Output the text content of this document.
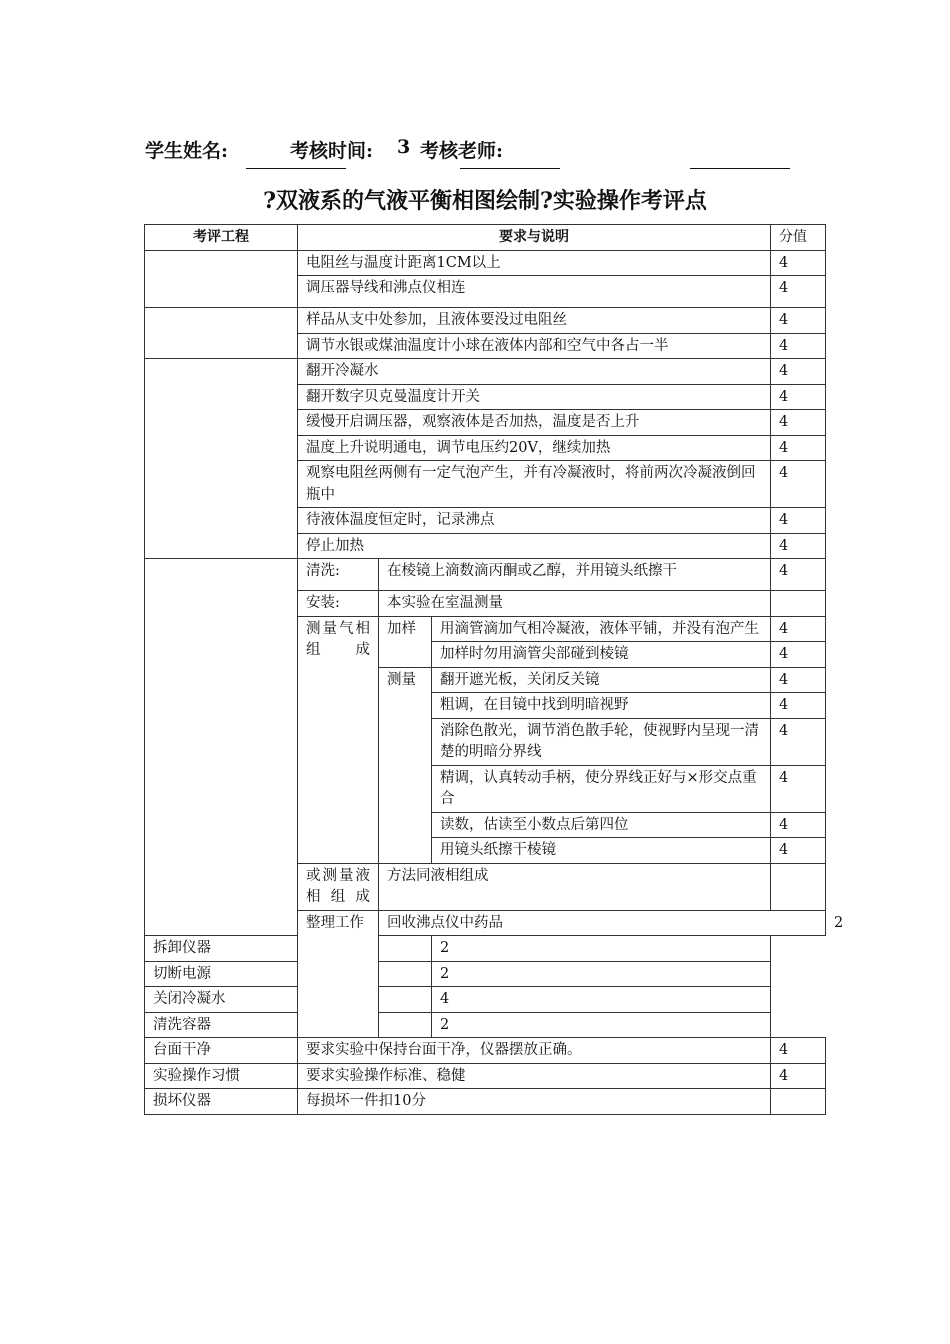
学生姓名:	考核时间: 3 考核老师:
?双液系的气液平衡相图绘制?实验操作考评点
考评工程	要求与说明			分值	
	电阻丝与温度计距离1CM以上			4	
	调压器导线和沸点仪相连			4	
	样品从支中处参加，且液体要没过电阻丝			4	
	调节水银或煤油温度计小球在液体内部和空气中各占一半			4	
	翻开冷凝水			4	
	翻开数字贝克曼温度计开关			4	
	缓慢开启调压器，观察液体是否加热，温度是否上升			4	
	温度上升说明通电，调节电压约20V，继续加热			4	
	观察电阻丝两侧有一定气泡产生，并有冷凝液时，将前两次冷凝液倒回瓶中			4	
	待液体温度恒定时，记录沸点			4	
	停止加热			4	
	清洗:	在棱镜上滴数滴丙酮或乙醇，并用镜头纸擦干		4	
	安装:	本实验在室温测量			
	测量气相组成	加样	用滴管滴加气相冷凝液，液体平铺，并没有泡产生	4	
			加样时勿用滴管尖部碰到棱镜	4	
		测量	翻开遮光板，关闭反关镜	4	
			粗调，在目镜中找到明暗视野	4	
			消除色散光，调节消色散手轮，使视野内呈现一清楚的明暗分界线	4	
			精调，认真转动手柄，使分界线正好与×形交点重合	4	
			读数，估读至小数点后第四位	4	
			用镜头纸擦干棱镜	4	
	或测量液相组成	方法同液相组成			
	整理工作	回收沸点仪中药品			2
拆卸仪器			2		
切断电源			2		
关闭冷凝水			4		
清洗容器			2		
台面干净	要求实验中保持台面干净，仪器摆放正确。			4	
实验操作习惯	要求实验操作标准、稳健			4	
损坏仪器	每损坏一件扣10分				
